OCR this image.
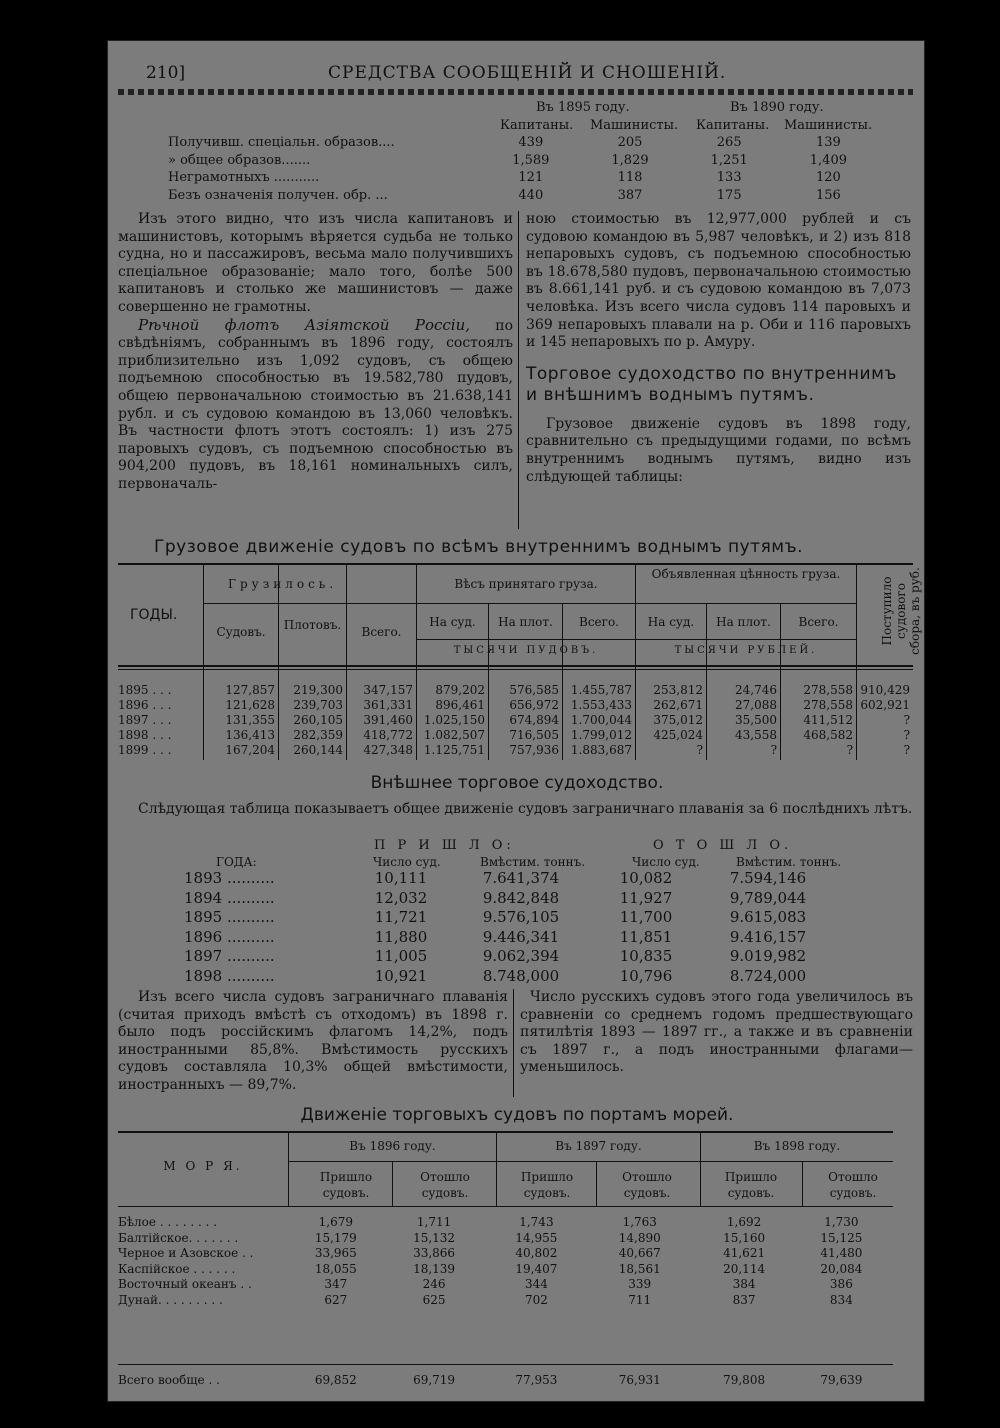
210]	СРЕДСТВА СООБЩЕНІЙ И СНОШЕНІЙ.
Въ 1895 году.	Въ 1890 году.
Капитаны. Машинисты. Капитаны. Машинисты.
Получивш. спеціальн. образов....	439	205	265	139
» общее образов.......	1,589	1,829	1,251	1,409
Неграмотныхъ ...........	121	118	133	120
Безъ означенія получен. обр. ...	440	387	175	156

Изъ этого видно, что изъ числа капитановъ и машинистовъ, которымъ вѣряется судьба не только судна, но и пассажировъ, весьма мало получившихъ спеціальное образованіе; мало того, болѣе 500 капитановъ и столько же машинистовъ — даже совершенно не грамотны.

Рѣчной флотъ Азіятской Россіи, по свѣдѣніямъ, собраннымъ въ 1896 году, состоялъ приблизительно изъ 1,092 судовъ, съ общею подъемною способностью въ 19.582,780 пудовъ, общею первоначальною стоимостью въ 21.638,141 рубл. и съ судовою командою въ 13,060 человѣкъ. Въ частности флотъ этотъ состоялъ: 1) изъ 275 паровыхъ судовъ, съ подъемною способностью въ 904,200 пудовъ, въ 18,161 номинальныхъ силъ, первоначаль-

ною стоимостью въ 12,977,000 рублей и съ судовою командою въ 5,987 человѣкъ, и 2) изъ 818 непаровыхъ судовъ, съ подъемною способностью въ 18.678,580 пудовъ, первоначальною стоимостью въ 8.661,141 руб. и съ судовою командою въ 7,073 человѣка. Изъ всего числа судовъ 114 паровыхъ и 369 непаровыхъ плавали на р. Оби и 116 паровыхъ и 145 непаровыхъ по р. Амуру.

Торговое судоходство по внутреннимъ и внѣшнимъ воднымъ путямъ.

Грузовое движеніе судовъ въ 1898 году, сравнительно съ предыдущими годами, по всѣмъ внутреннимъ воднымъ путямъ, видно изъ слѣдующей таблицы:

Грузовое движеніе судовъ по всѣмъ внутреннимъ воднымъ путямъ.
ГОДЫ.
Грузилось.
Судовъ.	Плотовъ.	Всего.
Вѣсъ принятаго груза.
Объявленная цѣнность груза.
На суд.	На плот.	Всего.	На суд.	На плот.	Всего.
ТЫСЯЧИ ПУДОВЪ.	ТЫСЯЧИ РУБЛЕЙ.
Поступило судового сбора, въ руб.
1895 . . .	127,857	219,300	347,157	879,202	576,585	1.455,787	253,812	24,746	278,558	910,429
1896 . . .	121,628	239,703	361,331	896,461	656,972	1.553,433	262,671	27,088	278,558	602,921
1897 . . .	131,355	260,105	391,460	1.025,150	674,894	1.700,044	375,012	35,500	411,512	?
1898 . . .	136,413	282,359	418,772	1.082,507	716,505	1.799,012	425,024	43,558	468,582	?
1899 . . .	167,204	260,144	427,348	1.125,751	757,936	1.883,687	?	?	?	?
Внѣшнее торговое судоходство.

Слѣдующая таблица показываетъ общее движеніе судовъ заграничнаго плаванія за 6 послѣднихъ лѣтъ.

П Р И Ш Л О:	О Т О Ш Л О.
ГОДА:	Число суд.	Вмѣстим. тоннъ.	Число суд.	Вмѣстим. тоннъ.
1893 ..........	10,111	7.641,374	10,082	7.594,146
1894 ..........	12,032	9.842,848	11,927	9,789,044
1895 ..........	11,721	9.576,105	11,700	9.615,083
1896 ..........	11,880	9.446,341	11,851	9.416,157
1897 ..........	11,005	9.062,394	10,835	9.019,982
1898 ..........	10,921	8.748,000	10,796	8.724,000

Изъ всего числа судовъ заграничнаго плаванія (считая приходъ вмѣстѣ съ отходомъ) въ 1898 г. было подъ россійскимъ флагомъ 14,2%, подъ иностранными 85,8%. Вмѣстимость русскихъ судовъ составляла 10,3% общей вмѣстимости, иностранныхъ — 89,7%.

Число русскихъ судовъ этого года увеличилось въ сравненіи со среднемъ годомъ предшествующаго пятилѣтія 1893 — 1897 гг., а также и въ сравненіи съ 1897 г., а подъ иностранными флагами—уменьшилось.

Движеніе торговыхъ судовъ по портамъ морей.
М О Р Я.
Въ 1896 году.	Въ 1897 году.	Въ 1898 году.
Пришло судовъ.
Отошло судовъ.
Пришло судовъ.
Отошло судовъ.
Пришло судовъ.
Отошло судовъ.
Бѣлое . . . . . . . .	1,679	1,711	1,743	1,763	1,692	1,730
Балтійское. . . . . . .	15,179	15,132	14,955	14,890	15,160	15,125
Черное и Азовское . .	33,965	33,866	40,802	40,667	41,621	41,480
Каспійское . . . . . .	18,055	18,139	19,407	18,561	20,114	20,084
Восточный океанъ . .	347	246	344	339	384	386
Дунай. . . . . . . . .	627	625	702	711	837	834
Всего вообще . .	69,852	69,719	77,953	76,931	79,808	79,639
